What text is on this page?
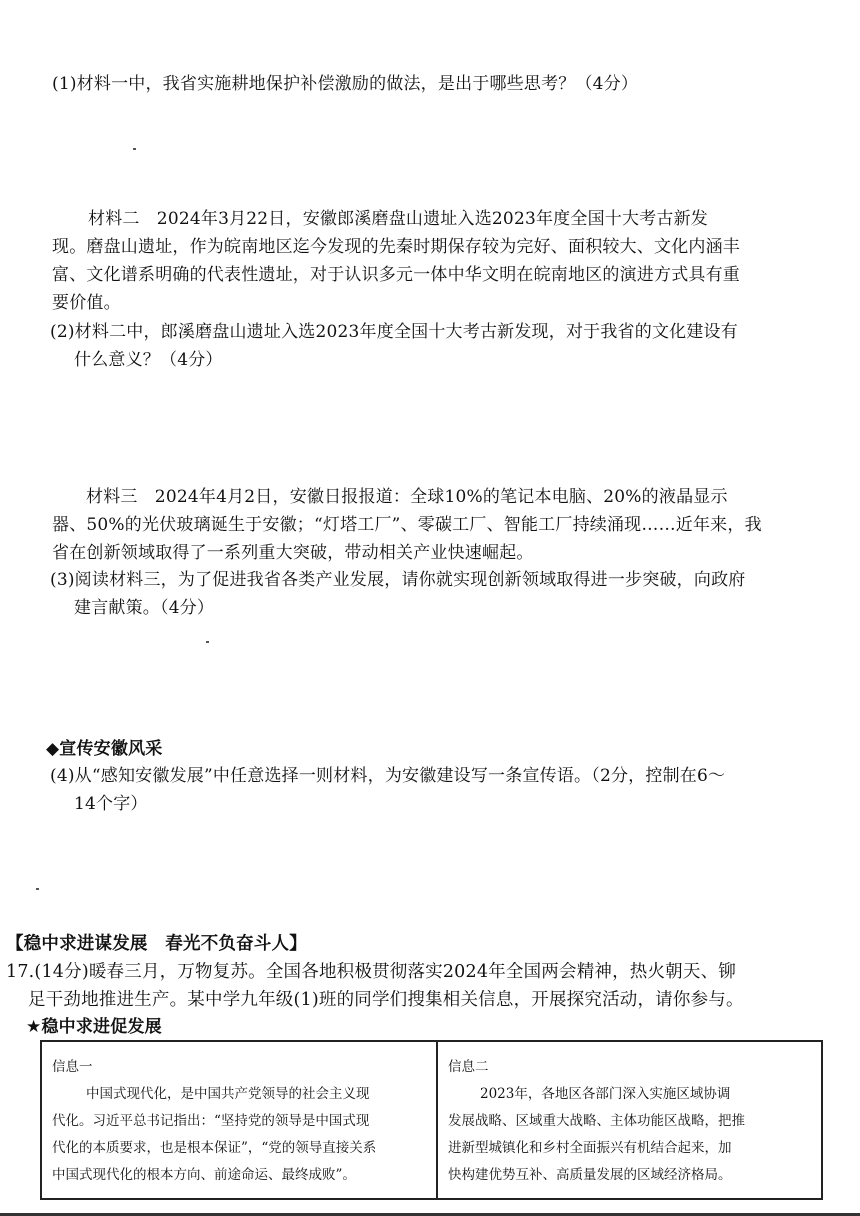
(1)材料一中，我省实施耕地保护补偿激励的做法，是出于哪些思考？（4分）
材料二　2024年3月22日，安徽郎溪磨盘山遗址入选2023年度全国十大考古新发
现。磨盘山遗址，作为皖南地区迄今发现的先秦时期保存较为完好、面积较大、文化内涵丰
富、文化谱系明确的代表性遗址，对于认识多元一体中华文明在皖南地区的演进方式具有重
要价值。
(2)材料二中，郎溪磨盘山遗址入选2023年度全国十大考古新发现，对于我省的文化建设有
什么意义？（4分）
材料三　2024年4月2日，安徽日报报道：全球10%的笔记本电脑、20%的液晶显示
器、50%的光伏玻璃诞生于安徽；“灯塔工厂”、零碳工厂、智能工厂持续涌现……近年来，我
省在创新领域取得了一系列重大突破，带动相关产业快速崛起。
(3)阅读材料三，为了促进我省各类产业发展，请你就实现创新领域取得进一步突破，向政府
建言献策。（4分）
◆宣传安徽风采
(4)从“感知安徽发展”中任意选择一则材料，为安徽建设写一条宣传语。（2分，控制在6～
14个字）
【稳中求进谋发展　春光不负奋斗人】
17.(14分)暖春三月，万物复苏。全国各地积极贯彻落实2024年全国两会精神，热火朝天、铆
足干劲地推进生产。某中学九年级(1)班的同学们搜集相关信息，开展探究活动，请你参与。
★稳中求进促发展
信息一
中国式现代化，是中国共产党领导的社会主义现
代化。习近平总书记指出：“坚持党的领导是中国式现
代化的本质要求，也是根本保证”，“党的领导直接关系
中国式现代化的根本方向、前途命运、最终成败”。
信息二
2023年，各地区各部门深入实施区域协调
发展战略、区域重大战略、主体功能区战略，把推
进新型城镇化和乡村全面振兴有机结合起来，加
快构建优势互补、高质量发展的区域经济格局。
